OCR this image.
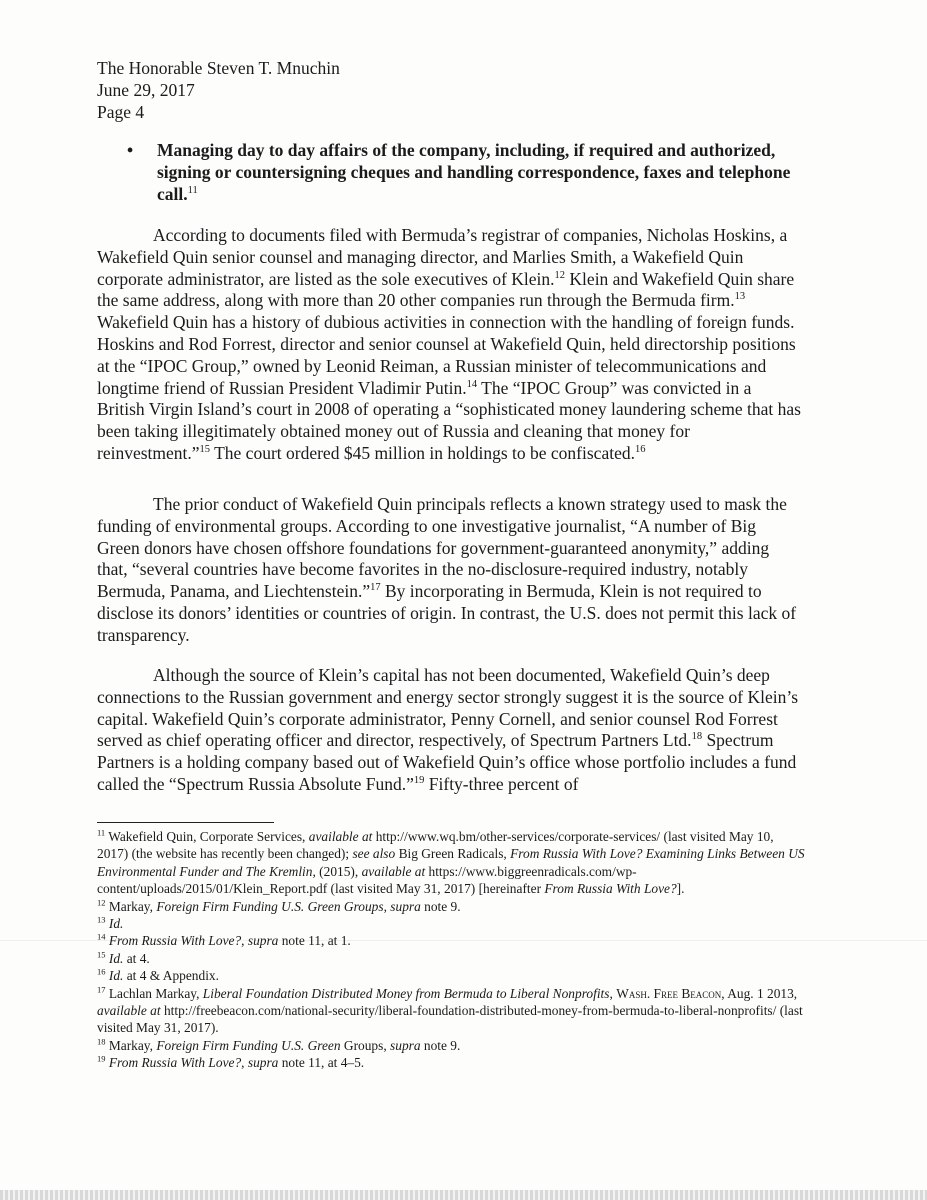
The Honorable Steven T. Mnuchin
June 29, 2017
Page 4
• Managing day to day affairs of the company, including, if required and authorized, signing or countersigning cheques and handling correspondence, faxes and telephone call.$^{11}$
According to documents filed with Bermuda’s registrar of companies, Nicholas Hoskins, a Wakefield Quin senior counsel and managing director, and Marlies Smith, a Wakefield Quin corporate administrator, are listed as the sole executives of Klein.$^{12}$ Klein and Wakefield Quin share the same address, along with more than 20 other companies run through the Bermuda firm.$^{13}$ Wakefield Quin has a history of dubious activities in connection with the handling of foreign funds. Hoskins and Rod Forrest, director and senior counsel at Wakefield Quin, held directorship positions at the “IPOC Group,” owned by Leonid Reiman, a Russian minister of telecommunications and longtime friend of Russian President Vladimir Putin.$^{14}$ The “IPOC Group” was convicted in a British Virgin Island’s court in 2008 of operating a “sophisticated money laundering scheme that has been taking illegitimately obtained money out of Russia and cleaning that money for reinvestment.”$^{15}$ The court ordered $45 million in holdings to be confiscated.$^{16}$
The prior conduct of Wakefield Quin principals reflects a known strategy used to mask the funding of environmental groups. According to one investigative journalist, “A number of Big Green donors have chosen offshore foundations for government-guaranteed anonymity,” adding that, “several countries have become favorites in the no-disclosure-required industry, notably Bermuda, Panama, and Liechtenstein.”$^{17}$ By incorporating in Bermuda, Klein is not required to disclose its donors’ identities or countries of origin. In contrast, the U.S. does not permit this lack of transparency.
Although the source of Klein’s capital has not been documented, Wakefield Quin’s deep connections to the Russian government and energy sector strongly suggest it is the source of Klein’s capital. Wakefield Quin’s corporate administrator, Penny Cornell, and senior counsel Rod Forrest served as chief operating officer and director, respectively, of Spectrum Partners Ltd.$^{18}$ Spectrum Partners is a holding company based out of Wakefield Quin’s office whose portfolio includes a fund called the “Spectrum Russia Absolute Fund.”$^{19}$ Fifty-three percent of
$^{11}$ Wakefield Quin, Corporate Services, available at http://www.wq.bm/other-services/corporate-services/ (last visited May 10, 2017) (the website has recently been changed); see also Big Green Radicals, From Russia With Love? Examining Links Between US Environmental Funder and The Kremlin, (2015), available at https://www.biggreenradicals.com/wp-content/uploads/2015/01/Klein_Report.pdf (last visited May 31, 2017) [hereinafter From Russia With Love?].
$^{12}$ Markay, Foreign Firm Funding U.S. Green Groups, supra note 9.
$^{13}$ Id.
$^{14}$ From Russia With Love?, supra note 11, at 1.
$^{15}$ Id. at 4.
$^{16}$ Id. at 4 & Appendix.
$^{17}$ Lachlan Markay, Liberal Foundation Distributed Money from Bermuda to Liberal Nonprofits, Wash. Free Beacon, Aug. 1 2013, available at http://freebeacon.com/national-security/liberal-foundation-distributed-money-from-bermuda-to-liberal-nonprofits/ (last visited May 31, 2017).
$^{18}$ Markay, Foreign Firm Funding U.S. Green Groups, supra note 9.
$^{19}$ From Russia With Love?, supra note 11, at 4–5.
